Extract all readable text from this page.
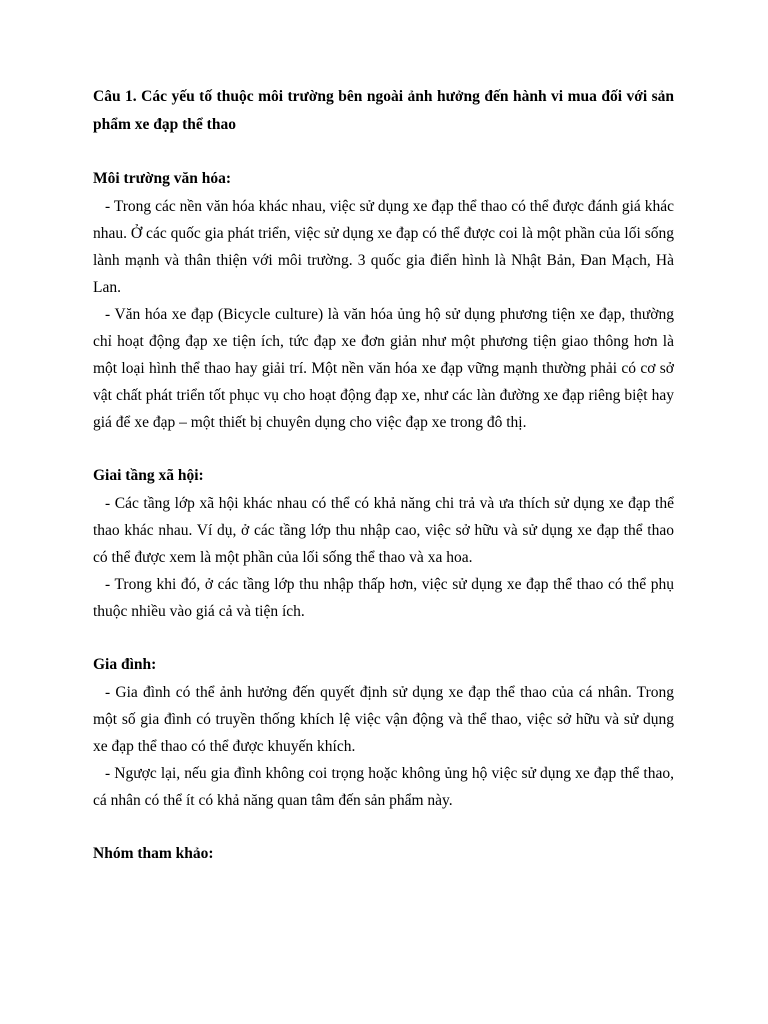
Câu 1. Các yếu tố thuộc môi trường bên ngoài ảnh hưởng đến hành vi mua đối với sản phẩm xe đạp thể thao

Môi trường văn hóa:

- Trong các nền văn hóa khác nhau, việc sử dụng xe đạp thể thao có thể được đánh giá khác nhau. Ở các quốc gia phát triển, việc sử dụng xe đạp có thể được coi là một phần của lối sống lành mạnh và thân thiện với môi trường. 3 quốc gia điển hình là Nhật Bản, Đan Mạch, Hà Lan.

- Văn hóa xe đạp (Bicycle culture) là văn hóa ủng hộ sử dụng phương tiện xe đạp, thường chỉ hoạt động đạp xe tiện ích, tức đạp xe đơn giản như một phương tiện giao thông hơn là một loại hình thể thao hay giải trí. Một nền văn hóa xe đạp vững mạnh thường phải có cơ sở vật chất phát triển tốt phục vụ cho hoạt động đạp xe, như các làn đường xe đạp riêng biệt hay giá để xe đạp – một thiết bị chuyên dụng cho việc đạp xe trong đô thị.

Giai tầng xã hội:

- Các tầng lớp xã hội khác nhau có thể có khả năng chi trả và ưa thích sử dụng xe đạp thể thao khác nhau. Ví dụ, ở các tầng lớp thu nhập cao, việc sở hữu và sử dụng xe đạp thể thao có thể được xem là một phần của lối sống thể thao và xa hoa.

- Trong khi đó, ở các tầng lớp thu nhập thấp hơn, việc sử dụng xe đạp thể thao có thể phụ thuộc nhiều vào giá cả và tiện ích.

Gia đình:

- Gia đình có thể ảnh hưởng đến quyết định sử dụng xe đạp thể thao của cá nhân. Trong một số gia đình có truyền thống khích lệ việc vận động và thể thao, việc sở hữu và sử dụng xe đạp thể thao có thể được khuyến khích.

- Ngược lại, nếu gia đình không coi trọng hoặc không ủng hộ việc sử dụng xe đạp thể thao, cá nhân có thể ít có khả năng quan tâm đến sản phẩm này.

Nhóm tham khảo:
